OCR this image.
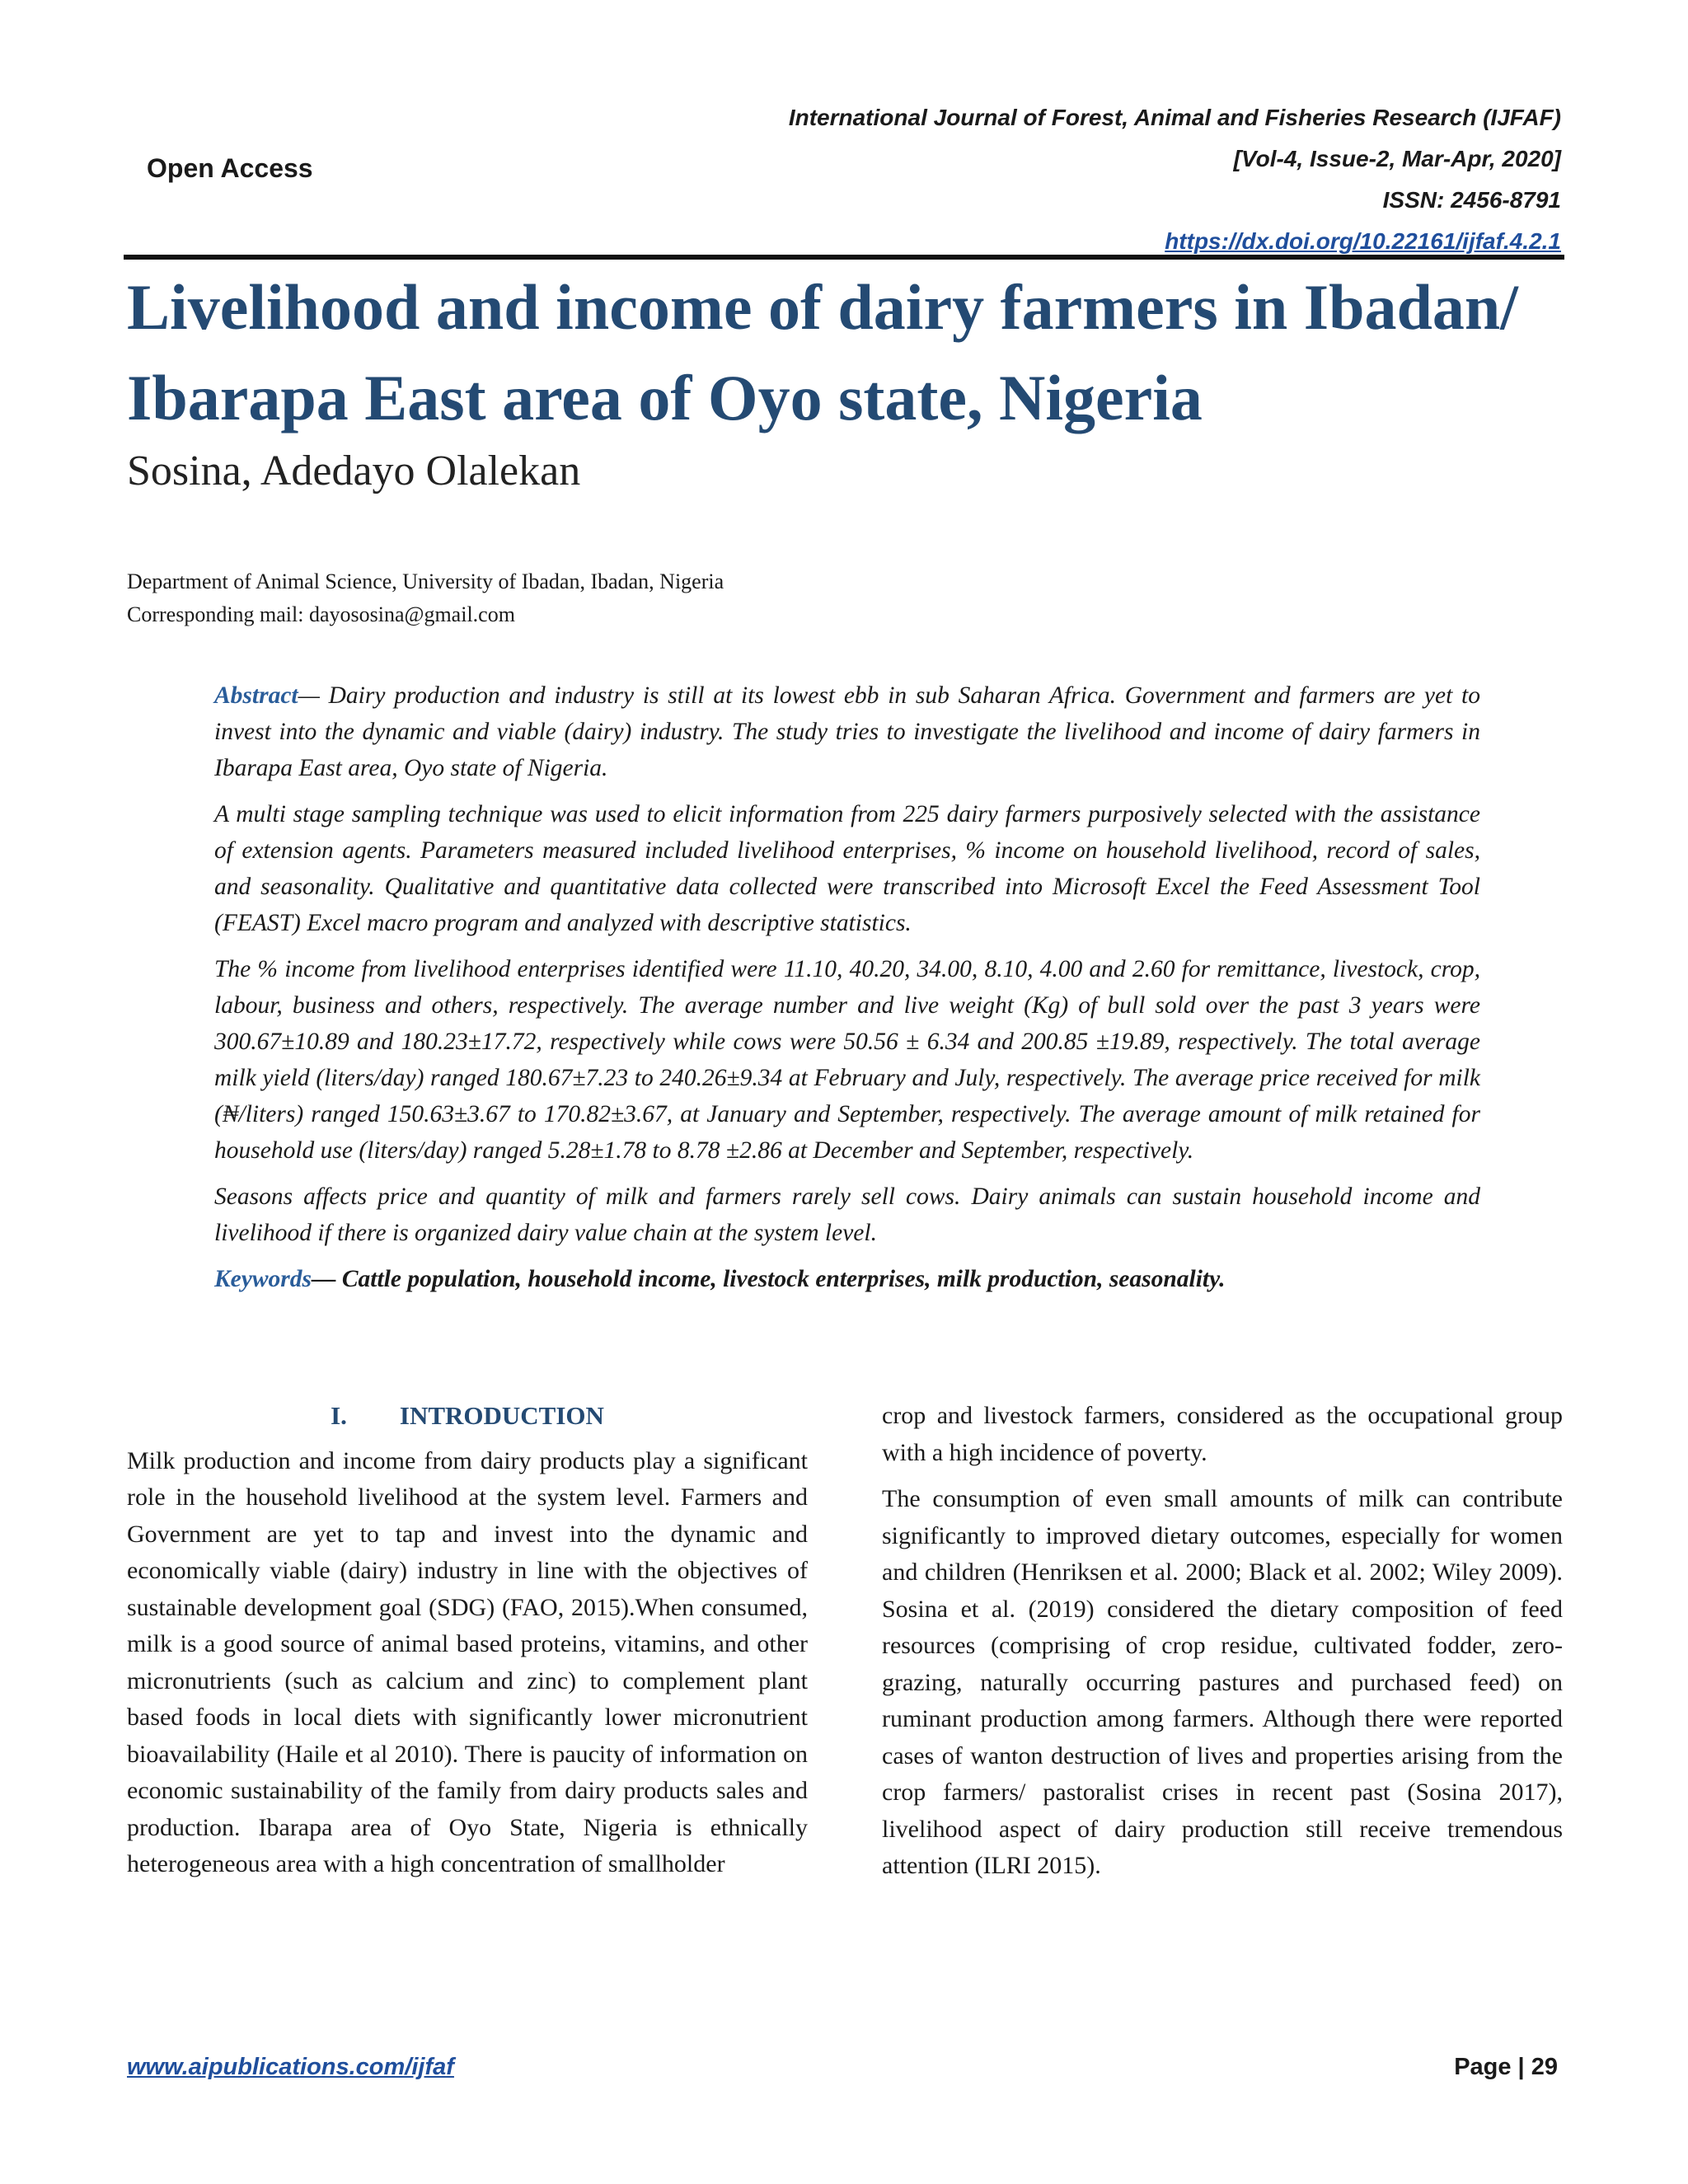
Open Access
International Journal of Forest, Animal and Fisheries Research (IJFAF)
[Vol-4, Issue-2, Mar-Apr, 2020]
ISSN: 2456-8791
https://dx.doi.org/10.22161/ijfaf.4.2.1
Livelihood and income of dairy farmers in Ibadan/
Ibarapa East area of Oyo state, Nigeria
Sosina, Adedayo Olalekan
Department of Animal Science, University of Ibadan, Ibadan, Nigeria
Corresponding mail: dayososina@gmail.com

Abstract— Dairy production and industry is still at its lowest ebb in sub Saharan Africa. Government and farmers are yet to invest into the dynamic and viable (dairy) industry. The study tries to investigate the livelihood and income of dairy farmers in Ibarapa East area, Oyo state of Nigeria.

A multi stage sampling technique was used to elicit information from 225 dairy farmers purposively selected with the assistance of extension agents. Parameters measured included livelihood enterprises, % income on household livelihood, record of sales, and seasonality. Qualitative and quantitative data collected were transcribed into Microsoft Excel the Feed Assessment Tool (FEAST) Excel macro program and analyzed with descriptive statistics.

The % income from livelihood enterprises identified were 11.10, 40.20, 34.00, 8.10, 4.00 and 2.60 for remittance, livestock, crop, labour, business and others, respectively. The average number and live weight (Kg) of bull sold over the past 3 years were 300.67±10.89 and 180.23±17.72, respectively while cows were 50.56 ± 6.34 and 200.85 ±19.89, respectively. The total average milk yield (liters/day) ranged 180.67±7.23 to 240.26±9.34 at February and July, respectively. The average price received for milk (₦/liters) ranged 150.63±3.67 to 170.82±3.67, at January and September, respectively. The average amount of milk retained for household use (liters/day) ranged 5.28±1.78 to 8.78 ±2.86 at December and September, respectively.

Seasons affects price and quantity of milk and farmers rarely sell cows. Dairy animals can sustain household income and livelihood if there is organized dairy value chain at the system level.

Keywords— Cattle population, household income, livestock enterprises, milk production, seasonality.

I. INTRODUCTION

Milk production and income from dairy products play a significant role in the household livelihood at the system level. Farmers and Government are yet to tap and invest into the dynamic and economically viable (dairy) industry in line with the objectives of sustainable development goal (SDG) (FAO, 2015).When consumed, milk is a good source of animal based proteins, vitamins, and other micronutrients (such as calcium and zinc) to complement plant based foods in local diets with significantly lower micronutrient bioavailability (Haile et al 2010). There is paucity of information on economic sustainability of the family from dairy products sales and production. Ibarapa area of Oyo State, Nigeria is ethnically heterogeneous area with a high concentration of smallholder

crop and livestock farmers, considered as the occupational group with a high incidence of poverty.

The consumption of even small amounts of milk can contribute significantly to improved dietary outcomes, especially for women and children (Henriksen et al. 2000; Black et al. 2002; Wiley 2009). Sosina et al. (2019) considered the dietary composition of feed resources (comprising of crop residue, cultivated fodder, zero-grazing, naturally occurring pastures and purchased feed) on ruminant production among farmers. Although there were reported cases of wanton destruction of lives and properties arising from the crop farmers/ pastoralist crises in recent past (Sosina 2017), livelihood aspect of dairy production still receive tremendous attention (ILRI 2015).

www.aipublications.com/ijfaf	Page | 29
